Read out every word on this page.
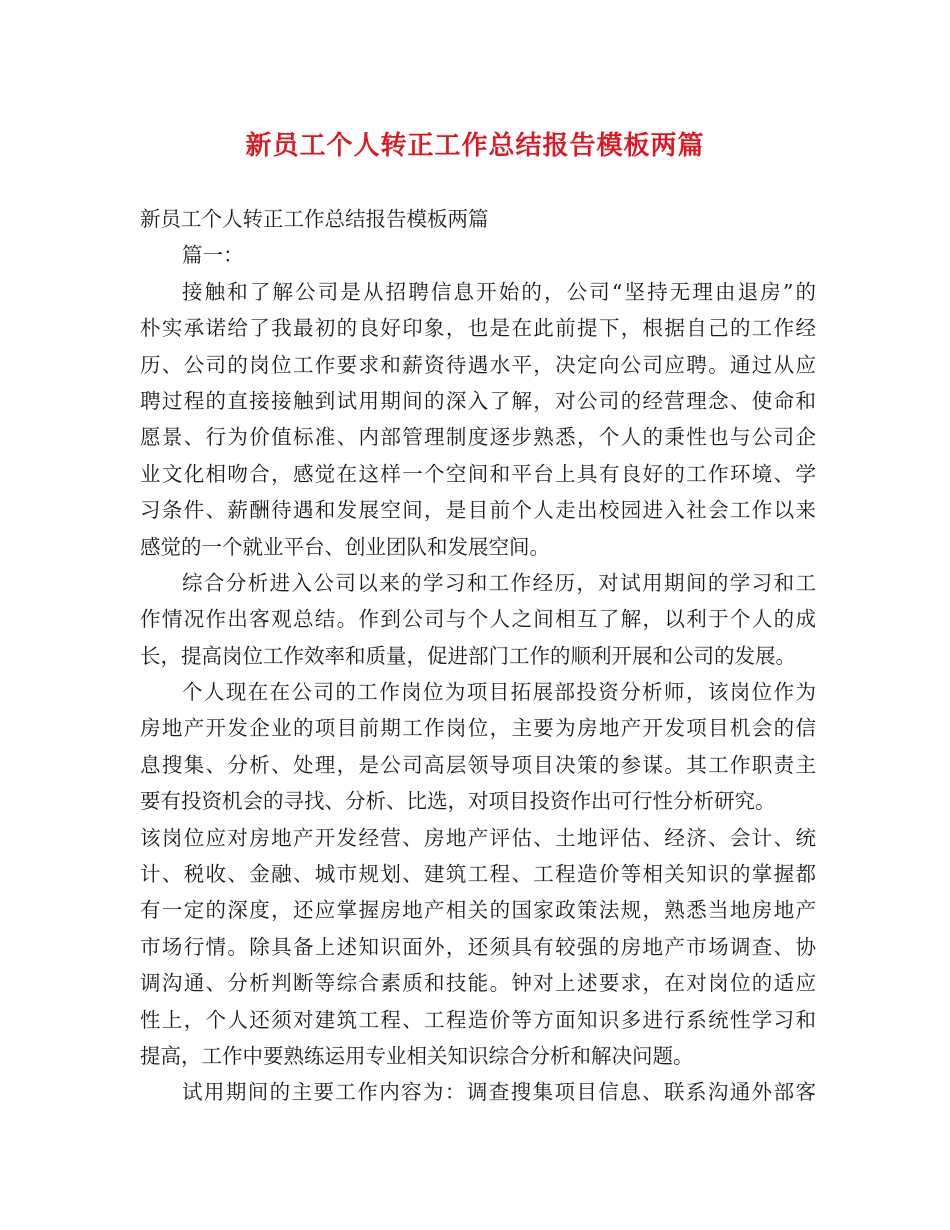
新员工个人转正工作总结报告模板两篇
新员工个人转正工作总结报告模板两篇
篇一：
接触和了解公司是从招聘信息开始的，公司“坚持无理由退房”的
朴实承诺给了我最初的良好印象，也是在此前提下，根据自己的工作经
历、公司的岗位工作要求和薪资待遇水平，决定向公司应聘。通过从应
聘过程的直接接触到试用期间的深入了解，对公司的经营理念、使命和
愿景、行为价值标准、内部管理制度逐步熟悉，个人的秉性也与公司企
业文化相吻合，感觉在这样一个空间和平台上具有良好的工作环境、学
习条件、薪酬待遇和发展空间，是目前个人走出校园进入社会工作以来
感觉的一个就业平台、创业团队和发展空间。
综合分析进入公司以来的学习和工作经历，对试用期间的学习和工
作情况作出客观总结。作到公司与个人之间相互了解，以利于个人的成
长，提高岗位工作效率和质量，促进部门工作的顺利开展和公司的发展。
个人现在在公司的工作岗位为项目拓展部投资分析师，该岗位作为
房地产开发企业的项目前期工作岗位，主要为房地产开发项目机会的信
息搜集、分析、处理，是公司高层领导项目决策的参谋。其工作职责主
要有投资机会的寻找、分析、比选，对项目投资作出可行性分析研究。
该岗位应对房地产开发经营、房地产评估、土地评估、经济、会计、统
计、税收、金融、城市规划、建筑工程、工程造价等相关知识的掌握都
有一定的深度，还应掌握房地产相关的国家政策法规，熟悉当地房地产
市场行情。除具备上述知识面外，还须具有较强的房地产市场调查、协
调沟通、分析判断等综合素质和技能。钟对上述要求，在对岗位的适应
性上，个人还须对建筑工程、工程造价等方面知识多进行系统性学习和
提高，工作中要熟练运用专业相关知识综合分析和解决问题。
试用期间的主要工作内容为：调查搜集项目信息、联系沟通外部客
